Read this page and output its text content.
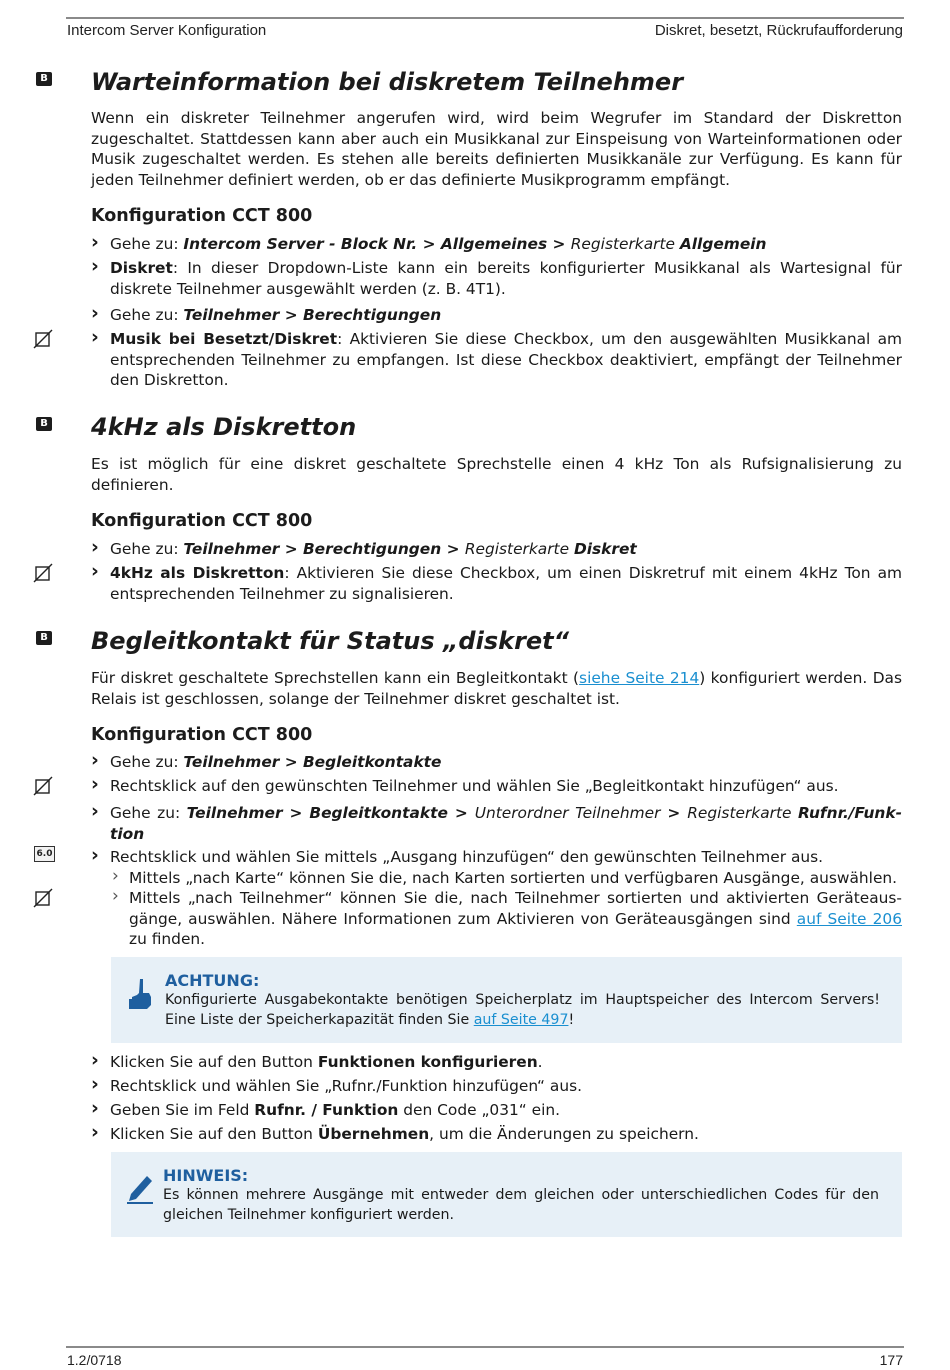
Intercom Server Konfiguration	Diskret, besetzt, Rückrufaufforderung
B Warteinformation bei diskretem Teilnehmer
Wenn ein diskreter Teilnehmer angerufen wird, wird beim Wegrufer im Standard der Diskretton zugeschaltet. Stattdessen kann aber auch ein Musikkanal zur Einspeisung von Warteinformationen oder Musik zugeschaltet werden. Es stehen alle bereits definierten Musikkanäle zur Verfügung. Es kann für jeden Teilnehmer definiert werden, ob er das definierte Musikprogramm empfängt.
Konfiguration CCT 800
› Gehe zu: Intercom Server - Block Nr. > Allgemeines > Registerkarte Allgemein
› Diskret: In dieser Dropdown-Liste kann ein bereits konfigurierter Musikkanal als Wartesignal für diskrete Teilnehmer ausgewählt werden (z. B. 4T1).
› Gehe zu: Teilnehmer > Berechtigungen
› Musik bei Besetzt/Diskret: Aktivieren Sie diese Checkbox, um den ausgewählten Musikkanal am entsprechenden Teilnehmer zu empfangen. Ist diese Checkbox deaktiviert, empfängt der Teilnehmer den Diskretton.
B 4kHz als Diskretton
Es ist möglich für eine diskret geschaltete Sprechstelle einen 4 kHz Ton als Rufsignalisierung zu definieren.
Konfiguration CCT 800
› Gehe zu: Teilnehmer > Berechtigungen > Registerkarte Diskret
› 4kHz als Diskretton: Aktivieren Sie diese Checkbox, um einen Diskretruf mit einem 4kHz Ton am entsprechenden Teilnehmer zu signalisieren.
B Begleitkontakt für Status „diskret“
Für diskret geschaltete Sprechstellen kann ein Begleitkontakt (siehe Seite 214) konfiguriert werden. Das Relais ist geschlossen, solange der Teilnehmer diskret geschaltet ist.
Konfiguration CCT 800
› Gehe zu: Teilnehmer > Begleitkontakte
› Rechtsklick auf den gewünschten Teilnehmer und wählen Sie „Begleitkontakt hinzufügen“ aus.
› Gehe zu: Teilnehmer > Begleitkontakte > Unterordner Teilnehmer > Registerkarte Rufnr./Funk-tion
6.0	› Rechtsklick und wählen Sie mittels „Ausgang hinzufügen“ den gewünschten Teilnehmer aus.
› Mittels „nach Karte“ können Sie die, nach Karten sortierten und verfügbaren Ausgänge, auswählen.
› Mittels „nach Teilnehmer“ können Sie die, nach Teilnehmer sortierten und aktivierten Geräteaus-gänge, auswählen. Nähere Informationen zum Aktivieren von Geräteausgängen sind auf Seite 206 zu finden.
ACHTUNG:
Konfigurierte Ausgabekontakte benötigen Speicherplatz im Hauptspeicher des Intercom Servers! Eine Liste der Speicherkapazität finden Sie auf Seite 497!
› Klicken Sie auf den Button Funktionen konfigurieren.
› Rechtsklick und wählen Sie „Rufnr./Funktion hinzufügen“ aus.
› Geben Sie im Feld Rufnr. / Funktion den Code „031“ ein.
› Klicken Sie auf den Button Übernehmen, um die Änderungen zu speichern.
HINWEIS:
Es können mehrere Ausgänge mit entweder dem gleichen oder unterschiedlichen Codes für den gleichen Teilnehmer konfiguriert werden.
1.2/0718	177
